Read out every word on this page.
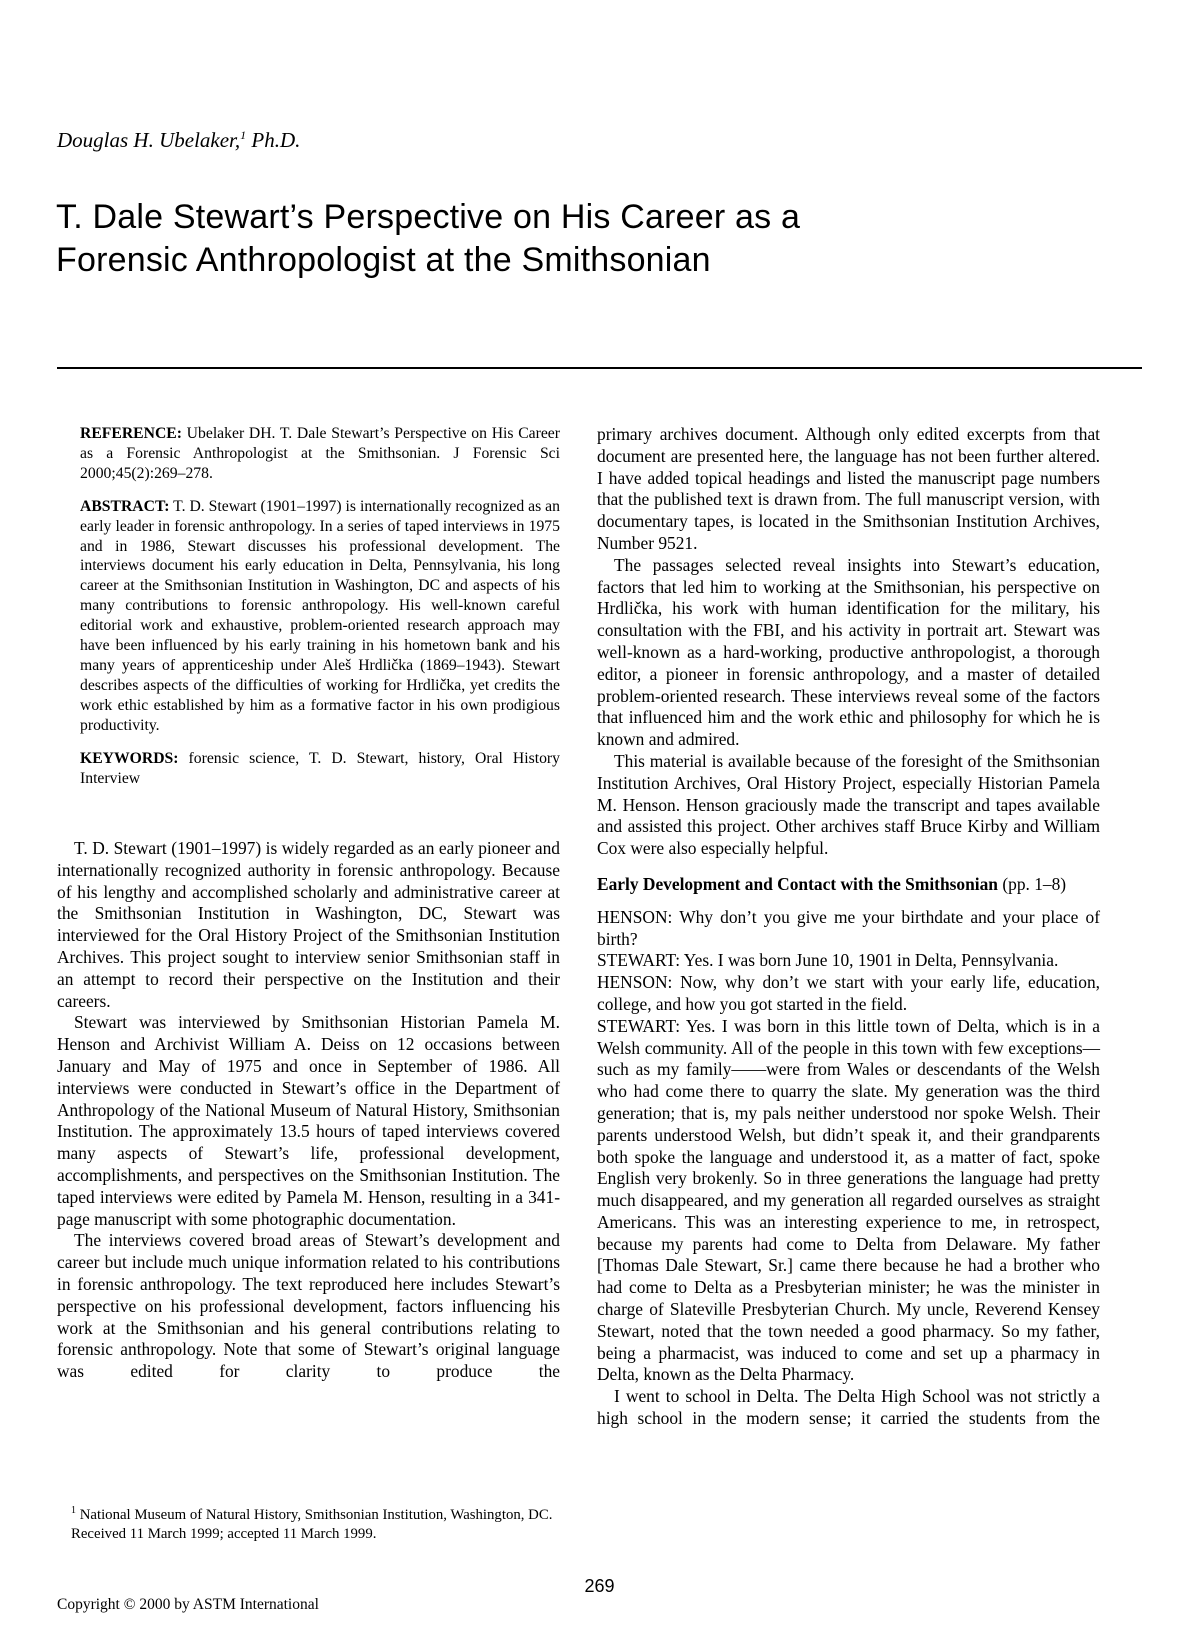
Douglas H. Ubelaker,$^1$ Ph.D.
T. Dale Stewart’s Perspective on His Career as a
Forensic Anthropologist at the Smithsonian

REFERENCE: Ubelaker DH. T. Dale Stewart’s Perspective on His Career as a Forensic Anthropologist at the Smithsonian. J Forensic Sci 2000;45(2):269–278.

ABSTRACT: T. D. Stewart (1901–1997) is internationally recognized as an early leader in forensic anthropology. In a series of taped interviews in 1975 and in 1986, Stewart discusses his professional development. The interviews document his early education in Delta, Pennsylvania, his long career at the Smithsonian Institution in Washington, DC and aspects of his many contributions to forensic anthropology. His well-known careful editorial work and exhaustive, problem-oriented research approach may have been influenced by his early training in his hometown bank and his many years of apprenticeship under Aleš Hrdlička (1869–1943). Stewart describes aspects of the difficulties of working for Hrdlička, yet credits the work ethic established by him as a formative factor in his own prodigious productivity.

KEYWORDS: forensic science, T. D. Stewart, history, Oral History Interview

T. D. Stewart (1901–1997) is widely regarded as an early pioneer and internationally recognized authority in forensic anthropology. Because of his lengthy and accomplished scholarly and administrative career at the Smithsonian Institution in Washington, DC, Stewart was interviewed for the Oral History Project of the Smithsonian Institution Archives. This project sought to interview senior Smithsonian staff in an attempt to record their perspective on the Institution and their careers.

Stewart was interviewed by Smithsonian Historian Pamela M. Henson and Archivist William A. Deiss on 12 occasions between January and May of 1975 and once in September of 1986. All interviews were conducted in Stewart’s office in the Department of Anthropology of the National Museum of Natural History, Smithsonian Institution. The approximately 13.5 hours of taped interviews covered many aspects of Stewart’s life, professional development, accomplishments, and perspectives on the Smithsonian Institution. The taped interviews were edited by Pamela M. Henson, resulting in a 341-page manuscript with some photographic documentation.

The interviews covered broad areas of Stewart’s development and career but include much unique information related to his contributions in forensic anthropology. The text reproduced here includes Stewart’s perspective on his professional development, factors influencing his work at the Smithsonian and his general contributions relating to forensic anthropology. Note that some of Stewart’s original language was edited for clarity to produce the

$^1$ National Museum of Natural History, Smithsonian Institution, Washington, DC.

Received 11 March 1999; accepted 11 March 1999.

primary archives document. Although only edited excerpts from that document are presented here, the language has not been further altered. I have added topical headings and listed the manuscript page numbers that the published text is drawn from. The full manuscript version, with documentary tapes, is located in the Smithsonian Institution Archives, Number 9521.

The passages selected reveal insights into Stewart’s education, factors that led him to working at the Smithsonian, his perspective on Hrdlička, his work with human identification for the military, his consultation with the FBI, and his activity in portrait art. Stewart was well-known as a hard-working, productive anthropologist, a thorough editor, a pioneer in forensic anthropology, and a master of detailed problem-oriented research. These interviews reveal some of the factors that influenced him and the work ethic and philosophy for which he is known and admired.

This material is available because of the foresight of the Smithsonian Institution Archives, Oral History Project, especially Historian Pamela M. Henson. Henson graciously made the transcript and tapes available and assisted this project. Other archives staff Bruce Kirby and William Cox were also especially helpful.

Early Development and Contact with the Smithsonian (pp. 1–8)

HENSON: Why don’t you give me your birthdate and your place of birth?

STEWART: Yes. I was born June 10, 1901 in Delta, Pennsylvania.

HENSON: Now, why don’t we start with your early life, education, college, and how you got started in the field.

STEWART: Yes. I was born in this little town of Delta, which is in a Welsh community. All of the people in this town with few exceptions—such as my family——were from Wales or descendants of the Welsh who had come there to quarry the slate. My generation was the third generation; that is, my pals neither understood nor spoke Welsh. Their parents understood Welsh, but didn’t speak it, and their grandparents both spoke the language and understood it, as a matter of fact, spoke English very brokenly. So in three generations the language had pretty much disappeared, and my generation all regarded ourselves as straight Americans. This was an interesting experience to me, in retrospect, because my parents had come to Delta from Delaware. My father [Thomas Dale Stewart, Sr.] came there because he had a brother who had come to Delta as a Presbyterian minister; he was the minister in charge of Slateville Presbyterian Church. My uncle, Reverend Kensey Stewart, noted that the town needed a good pharmacy. So my father, being a pharmacist, was induced to come and set up a pharmacy in Delta, known as the Delta Pharmacy.

I went to school in Delta. The Delta High School was not strictly a high school in the modern sense; it carried the students from the

269
Copyright © 2000 by ASTM International
